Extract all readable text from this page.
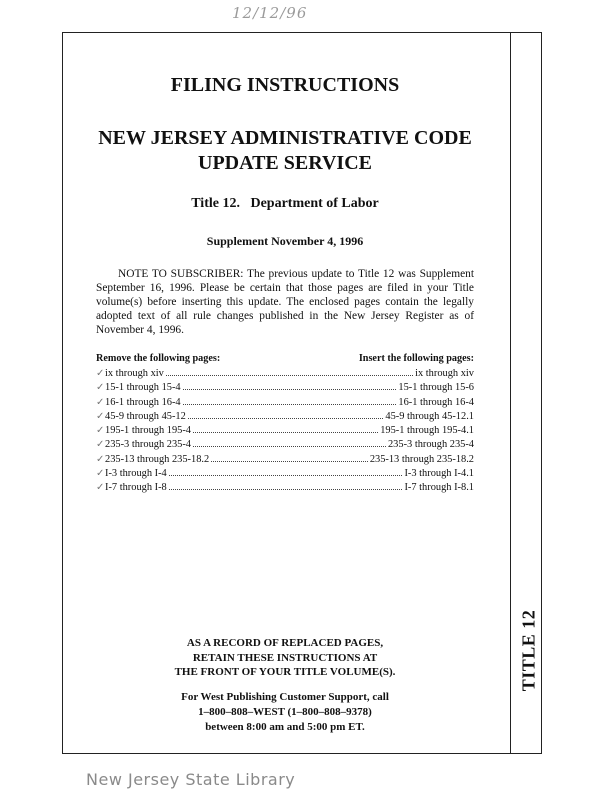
12/12/96
TITLE 12
FILING INSTRUCTIONS
NEW JERSEY ADMINISTRATIVE CODE
UPDATE SERVICE
Title 12.   Department of Labor
Supplement November 4, 1996
NOTE TO SUBSCRIBER: The previous update to Title 12 was Supplement September 16, 1996. Please be certain that those pages are filed in your Title volume(s) before inserting this update. The enclosed pages contain the legally adopted text of all rule changes published in the New Jersey Register as of November 4, 1996.
Remove the following pages:	Insert the following pages:
✓ ix through xiv	ix through xiv
✓ 15-1 through 15-4	15-1 through 15-6
✓ 16-1 through 16-4	16-1 through 16-4
✓ 45-9 through 45-12	45-9 through 45-12.1
✓ 195-1 through 195-4	195-1 through 195-4.1
✓ 235-3 through 235-4	235-3 through 235-4
✓ 235-13 through 235-18.2	235-13 through 235-18.2
✓ I-3 through I-4	I-3 through I-4.1
✓ I-7 through I-8	I-7 through I-8.1
AS A RECORD OF REPLACED PAGES,
RETAIN THESE INSTRUCTIONS AT
THE FRONT OF YOUR TITLE VOLUME(S).
For West Publishing Customer Support, call
1–800–808–WEST (1–800–808–9378)
between 8:00 am and 5:00 pm ET.
New Jersey State Library
